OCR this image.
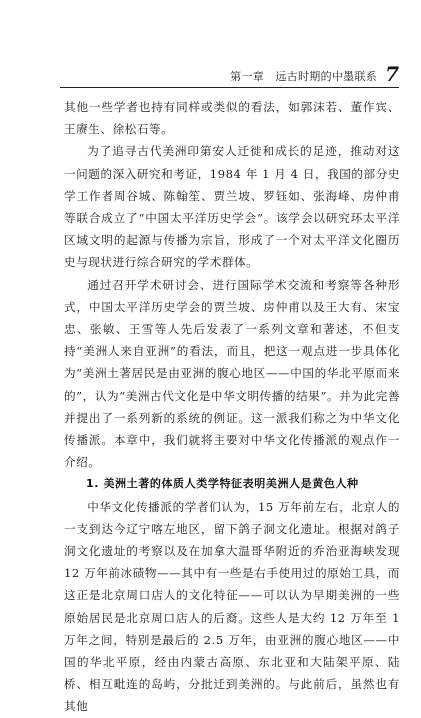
第一章　远古时期的中墨联系 7

其他一些学者也持有同样或类似的看法，如郭沫若、董作宾、王赓生、徐松石等。

为了追寻古代美洲印第安人迁徙和成长的足迹，推动对这一问题的深入研究和考证，1984 年 1 月 4 日，我国的部分史学工作者周谷城、陈翰笙、贾兰坡、罗钰如、张海峰、房仲甫等联合成立了“中国太平洋历史学会”。该学会以研究环太平洋区域文明的起源与传播为宗旨，形成了一个对太平洋文化圈历史与现状进行综合研究的学术群体。

通过召开学术研讨会、进行国际学术交流和考察等各种形式，中国太平洋历史学会的贾兰坡、房仲甫以及王大有、宋宝忠、张敏、王雪等人先后发表了一系列文章和著述，不但支持“美洲人来自亚洲”的看法，而且，把这一观点进一步具体化为“美洲土著居民是由亚洲的腹心地区——中国的华北平原而来的”，认为“美洲古代文化是中华文明传播的结果”。并为此完善并提出了一系列新的系统的例证。这一派我们称之为中华文化传播派。本章中，我们就将主要对中华文化传播派的观点作一介绍。

1. 美洲土著的体质人类学特征表明美洲人是黄色人种

中华文化传播派的学者们认为，15 万年前左右，北京人的一支到达今辽宁喀左地区，留下鸽子洞文化遗址。根据对鸽子洞文化遗址的考察以及在加拿大温哥华附近的乔治亚海峡发现 12 万年前冰碛物——其中有一些是右手使用过的原始工具，而这正是北京周口店人的文化特征——可以认为早期美洲的一些原始居民是北京周口店人的后裔。这些人是大约 12 万年至 1 万年之间，特别是最后的 2.5 万年，由亚洲的腹心地区——中国的华北平原，经由内蒙古高原、东北亚和大陆架平原、陆桥、相互毗连的岛屿，分批迁到美洲的。与此前后，虽然也有其他
